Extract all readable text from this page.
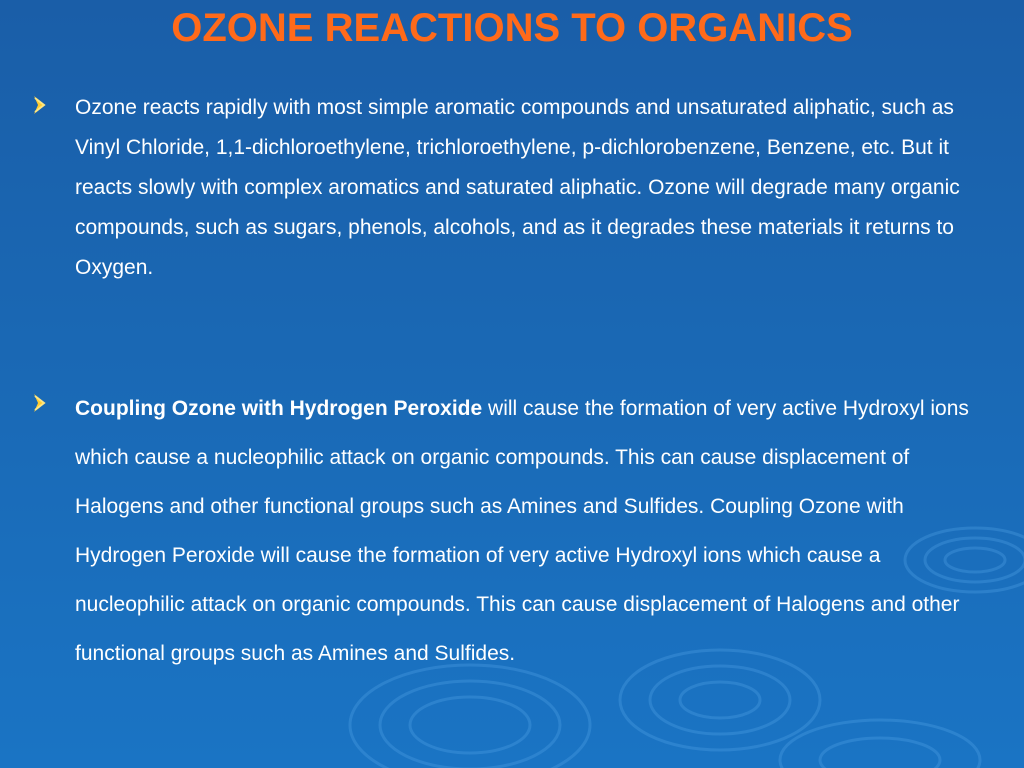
OZONE REACTIONS TO ORGANICS
Ozone reacts rapidly with most simple aromatic compounds and unsaturated aliphatic, such as Vinyl Chloride, 1,1-dichloroethylene, trichloroethylene, p-dichlorobenzene, Benzene, etc. But it reacts slowly with complex aromatics and saturated aliphatic. Ozone will degrade many organic compounds, such as sugars, phenols, alcohols, and as it degrades these materials it returns to Oxygen.
Coupling Ozone with Hydrogen Peroxide will cause the formation of very active Hydroxyl ions which cause a nucleophilic attack on organic compounds. This can cause displacement of Halogens and other functional groups such as Amines and Sulfides. Coupling Ozone with Hydrogen Peroxide will cause the formation of very active Hydroxyl ions which cause a nucleophilic attack on organic compounds. This can cause displacement of Halogens and other functional groups such as Amines and Sulfides.
